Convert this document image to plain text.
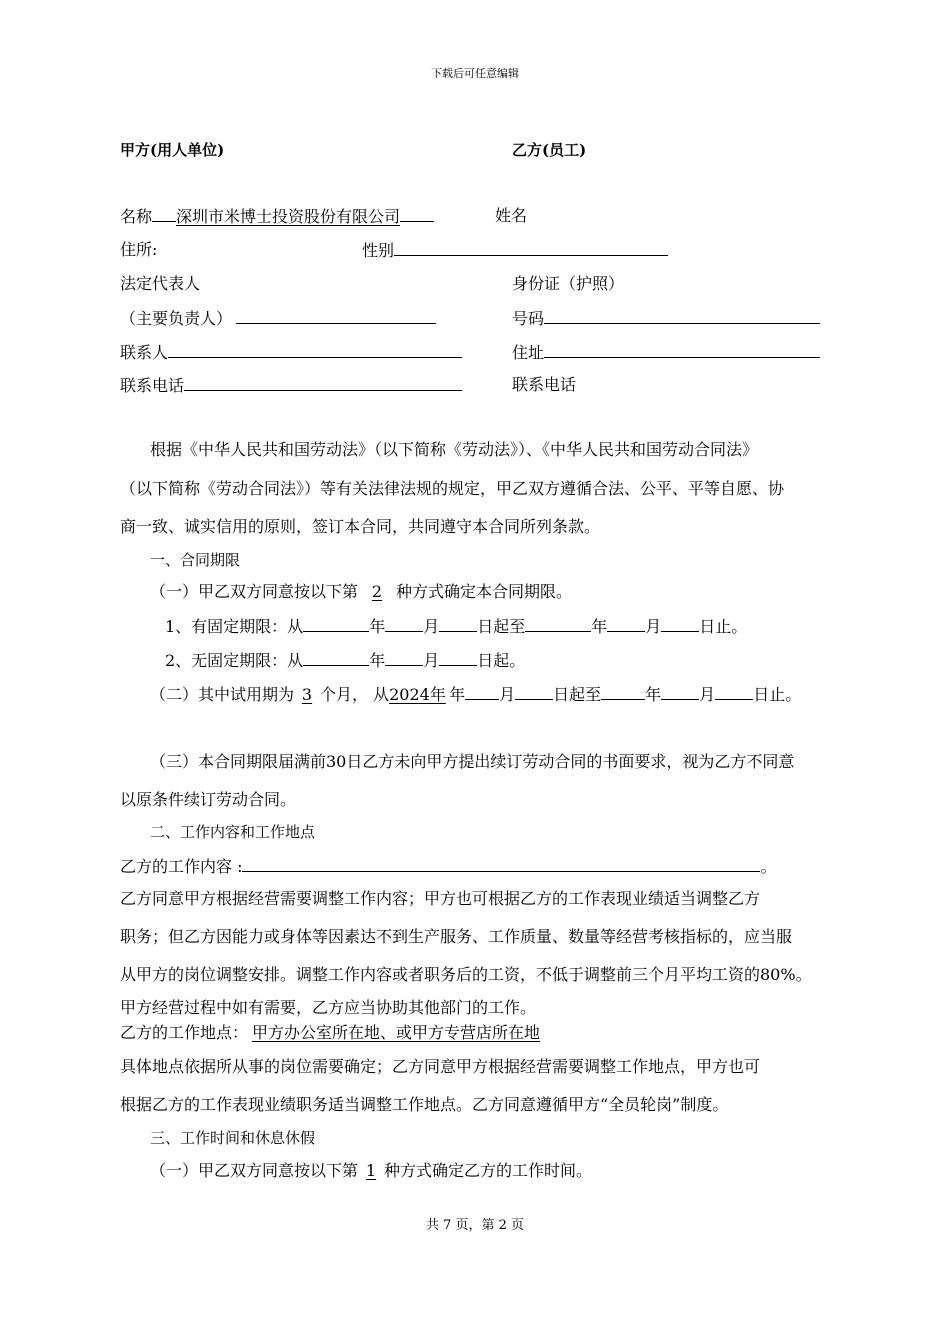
下载后可任意编辑
甲方(用人单位)	乙方(员工)
名称 深圳市米博士投资股份有限公司	姓名
住所:	性别
法定代表人	身份证（护照）
（主要负责人）	号码
联系人	住址
联系电话	联系电话
根据《中华人民共和国劳动法》（以下简称《劳动法》）、《中华人民共和国劳动合同法》
（以下简称《劳动合同法》）等有关法律法规的规定，甲乙双方遵循合法、公平、平等自愿、协
商一致、诚实信用的原则，签订本合同，共同遵守本合同所列条款。
一、合同期限
（一）甲乙双方同意按以下第 2 种方式确定本合同期限。
1、有固定期限：从	年 月 日起至	年 月 日止。
2、无固定期限：从	年 月 日起。
（二）其中试用期为 3 个月， 从2024年 年 月 日起至	年 月 日止。
（三）本合同期限届满前30日乙方未向甲方提出续订劳动合同的书面要求，视为乙方不同意
以原条件续订劳动合同。
二、工作内容和工作地点
乙方的工作内容 :	。
乙方同意甲方根据经营需要调整工作内容；甲方也可根据乙方的工作表现业绩适当调整乙方
职务；但乙方因能力或身体等因素达不到生产服务、工作质量、数量等经营考核指标的，应当服
从甲方的岗位调整安排。调整工作内容或者职务后的工资，不低于调整前三个月平均工资的80%。
甲方经营过程中如有需要，乙方应当协助其他部门的工作。
乙方的工作地点： 甲方办公室所在地、或甲方专营店所在地
具体地点依据所从事的岗位需要确定；乙方同意甲方根据经营需要调整工作地点，甲方也可
根据乙方的工作表现业绩职务适当调整工作地点。乙方同意遵循甲方“全员轮岗”制度。
三、工作时间和休息休假
（一）甲乙双方同意按以下第 1 种方式确定乙方的工作时间。
共 7 页，第 2 页
